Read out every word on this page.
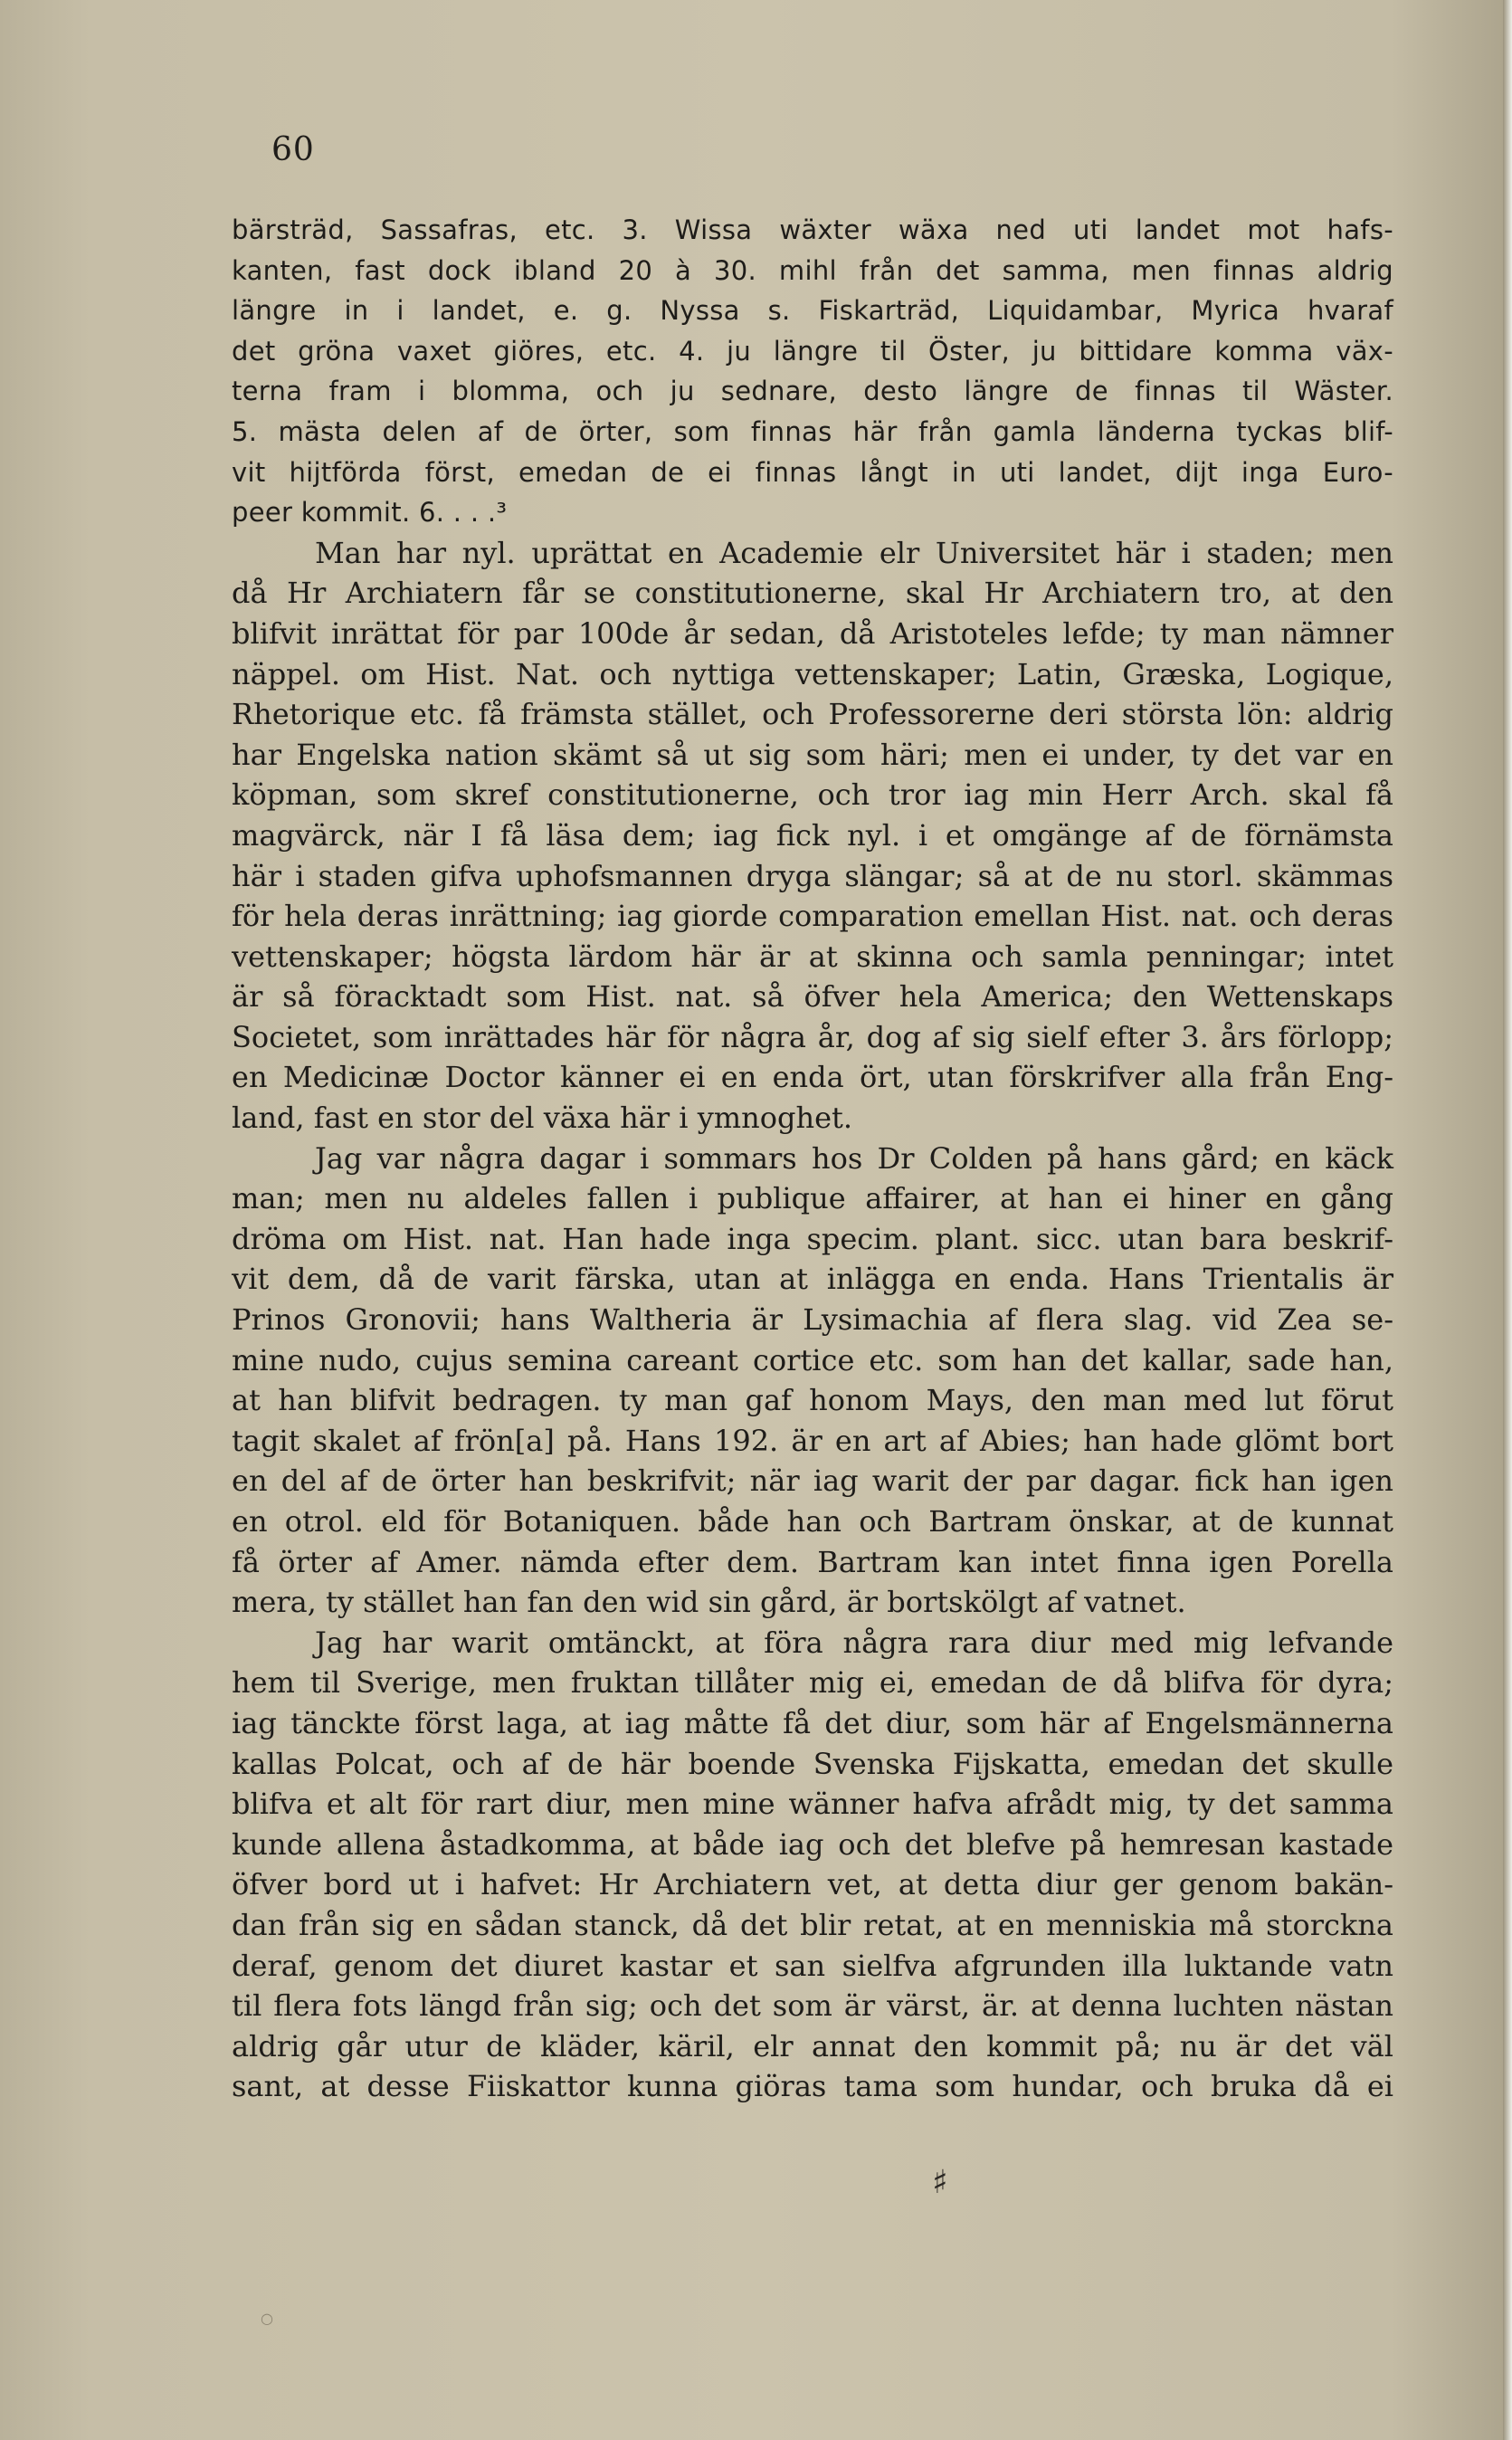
60
bärsträd, Sassafras, etc. 3. Wissa wäxter wäxa ned uti landet mot hafs-
kanten, fast dock ibland 20 à 30. mihl från det samma, men finnas aldrig
längre in i landet, e. g. Nyssa s. Fiskarträd, Liquidambar, Myrica hvaraf
det gröna vaxet giöres, etc. 4. ju längre til Öster, ju bittidare komma väx-
terna fram i blomma, och ju sednare, desto längre de finnas til Wäster.
5. mästa delen af de örter, som finnas här från gamla länderna tyckas blif-
vit hijtförda först, emedan de ei finnas långt in uti landet, dijt inga Euro-
peer kommit. 6. . . .³
Man har nyl. uprättat en Academie elr Universitet här i staden; men
då Hr Archiatern får se constitutionerne, skal Hr Archiatern tro, at den
blifvit inrättat för par 100de år sedan, då Aristoteles lefde; ty man nämner
näppel. om Hist. Nat. och nyttiga vettenskaper; Latin, Græska, Logique,
Rhetorique etc. få främsta stället, och Professorerne deri största lön: aldrig
har Engelska nation skämt så ut sig som häri; men ei under, ty det var en
köpman, som skref constitutionerne, och tror iag min Herr Arch. skal få
magvärck, när I få läsa dem; iag fick nyl. i et omgänge af de förnämsta
här i staden gifva uphofsmannen dryga slängar; så at de nu storl. skämmas
för hela deras inrättning; iag giorde comparation emellan Hist. nat. och deras
vettenskaper; högsta lärdom här är at skinna och samla penningar; intet
är så föracktadt som Hist. nat. så öfver hela America; den Wettenskaps
Societet, som inrättades här för några år, dog af sig sielf efter 3. års förlopp;
en Medicinæ Doctor känner ei en enda ört, utan förskrifver alla från Eng-
land, fast en stor del växa här i ymnoghet.
Jag var några dagar i sommars hos Dr Colden på hans gård; en käck
man; men nu aldeles fallen i publique affairer, at han ei hiner en gång
dröma om Hist. nat. Han hade inga specim. plant. sicc. utan bara beskrif-
vit dem, då de varit färska, utan at inlägga en enda. Hans Trientalis är
Prinos Gronovii; hans Waltheria är Lysimachia af flera slag. vid Zea se-
mine nudo, cujus semina careant cortice etc. som han det kallar, sade han,
at han blifvit bedragen. ty man gaf honom Mays, den man med lut förut
tagit skalet af frön[a] på. Hans 192. är en art af Abies; han hade glömt bort
en del af de örter han beskrifvit; när iag warit der par dagar. fick han igen
en otrol. eld för Botaniquen. både han och Bartram önskar, at de kunnat
få örter af Amer. nämda efter dem. Bartram kan intet finna igen Porella
mera, ty stället han fan den wid sin gård, är bortskölgt af vatnet.
Jag har warit omtänckt, at föra några rara diur med mig lefvande
hem til Sverige, men fruktan tillåter mig ei, emedan de då blifva för dyra;
iag tänckte först laga, at iag måtte få det diur, som här af Engelsmännerna
kallas Polcat, och af de här boende Svenska Fijskatta, emedan det skulle
blifva et alt för rart diur, men mine wänner hafva afrådt mig, ty det samma
kunde allena åstadkomma, at både iag och det blefve på hemresan kastade
öfver bord ut i hafvet: Hr Archiatern vet, at detta diur ger genom bakän-
dan från sig en sådan stanck, då det blir retat, at en menniskia må storckna
deraf, genom det diuret kastar et san sielfva afgrunden illa luktande vatn
til flera fots längd från sig; och det som är värst, är. at denna luchten nästan
aldrig går utur de kläder, käril, elr annat den kommit på; nu är det väl
sant, at desse Fiiskattor kunna giöras tama som hundar, och bruka då ei
♯
○
